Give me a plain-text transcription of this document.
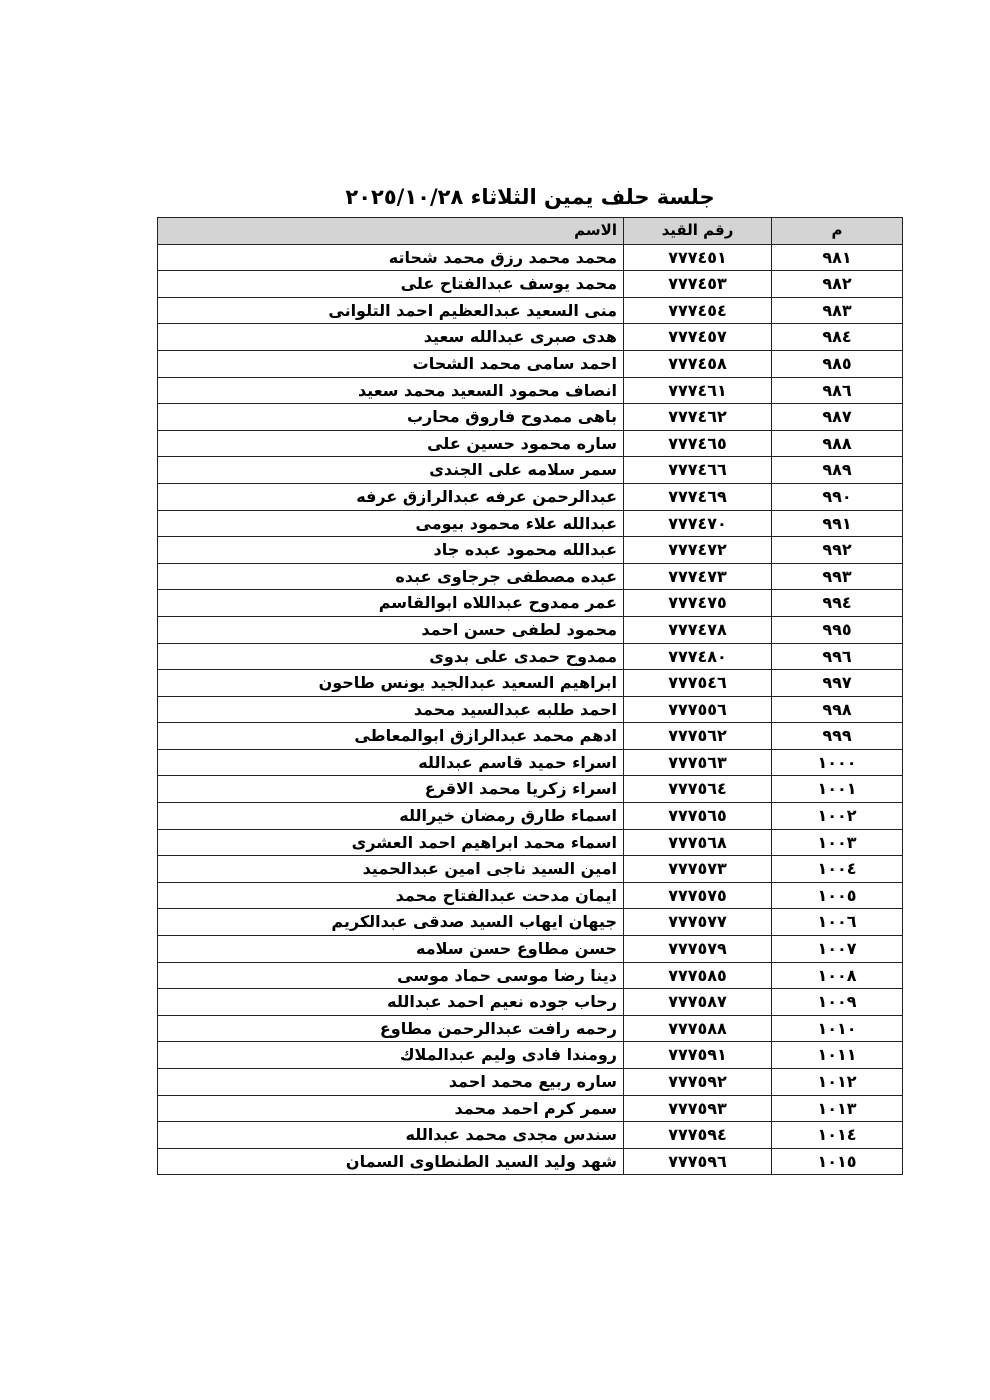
جلسة حلف يمين الثلاثاء ٢٠٢٥/١٠/٢٨
م	رقم القيد	الاسم
٩٨١	٧٧٧٤٥١	محمد محمد رزق محمد شحاته
٩٨٢	٧٧٧٤٥٣	محمد يوسف عبدالفتاح على
٩٨٣	٧٧٧٤٥٤	منى السعيد عبدالعظيم احمد التلوانى
٩٨٤	٧٧٧٤٥٧	هدى صبرى عبدالله سعيد
٩٨٥	٧٧٧٤٥٨	احمد سامى محمد الشحات
٩٨٦	٧٧٧٤٦١	انصاف محمود السعيد محمد سعيد
٩٨٧	٧٧٧٤٦٢	باهى ممدوح فاروق محارب
٩٨٨	٧٧٧٤٦٥	ساره محمود حسين على
٩٨٩	٧٧٧٤٦٦	سمر سلامه على الجندى
٩٩٠	٧٧٧٤٦٩	عبدالرحمن عرفه عبدالرازق عرفه
٩٩١	٧٧٧٤٧٠	عبدالله علاء محمود بيومى
٩٩٢	٧٧٧٤٧٢	عبدالله محمود عبده جاد
٩٩٣	٧٧٧٤٧٣	عبده مصطفى جرجاوى عبده
٩٩٤	٧٧٧٤٧٥	عمر ممدوح عبداللاه ابوالقاسم
٩٩٥	٧٧٧٤٧٨	محمود لطفى حسن احمد
٩٩٦	٧٧٧٤٨٠	ممدوح حمدى على بدوى
٩٩٧	٧٧٧٥٤٦	ابراهيم السعيد عبدالجيد يونس طاحون
٩٩٨	٧٧٧٥٥٦	احمد طلبه عبدالسيد محمد
٩٩٩	٧٧٧٥٦٢	ادهم محمد عبدالرازق ابوالمعاطى
١٠٠٠	٧٧٧٥٦٣	اسراء حميد قاسم عبدالله
١٠٠١	٧٧٧٥٦٤	اسراء زكريا محمد الاقرع
١٠٠٢	٧٧٧٥٦٥	اسماء طارق رمضان خيرالله
١٠٠٣	٧٧٧٥٦٨	اسماء محمد ابراهيم احمد العشرى
١٠٠٤	٧٧٧٥٧٣	امين السيد ناجى امين عبدالحميد
١٠٠٥	٧٧٧٥٧٥	ايمان مدحت عبدالفتاح محمد
١٠٠٦	٧٧٧٥٧٧	جيهان ايهاب السيد صدقى عبدالكريم
١٠٠٧	٧٧٧٥٧٩	حسن مطاوع حسن سلامه
١٠٠٨	٧٧٧٥٨٥	دينا رضا موسى حماد موسى
١٠٠٩	٧٧٧٥٨٧	رحاب جوده نعيم احمد عبدالله
١٠١٠	٧٧٧٥٨٨	رحمه رافت عبدالرحمن مطاوع
١٠١١	٧٧٧٥٩١	رومندا فادى وليم عبدالملاك
١٠١٢	٧٧٧٥٩٢	ساره ربيع محمد احمد
١٠١٣	٧٧٧٥٩٣	سمر كرم احمد محمد
١٠١٤	٧٧٧٥٩٤	سندس مجدى محمد عبدالله
١٠١٥	٧٧٧٥٩٦	شهد وليد السيد الطنطاوى السمان
